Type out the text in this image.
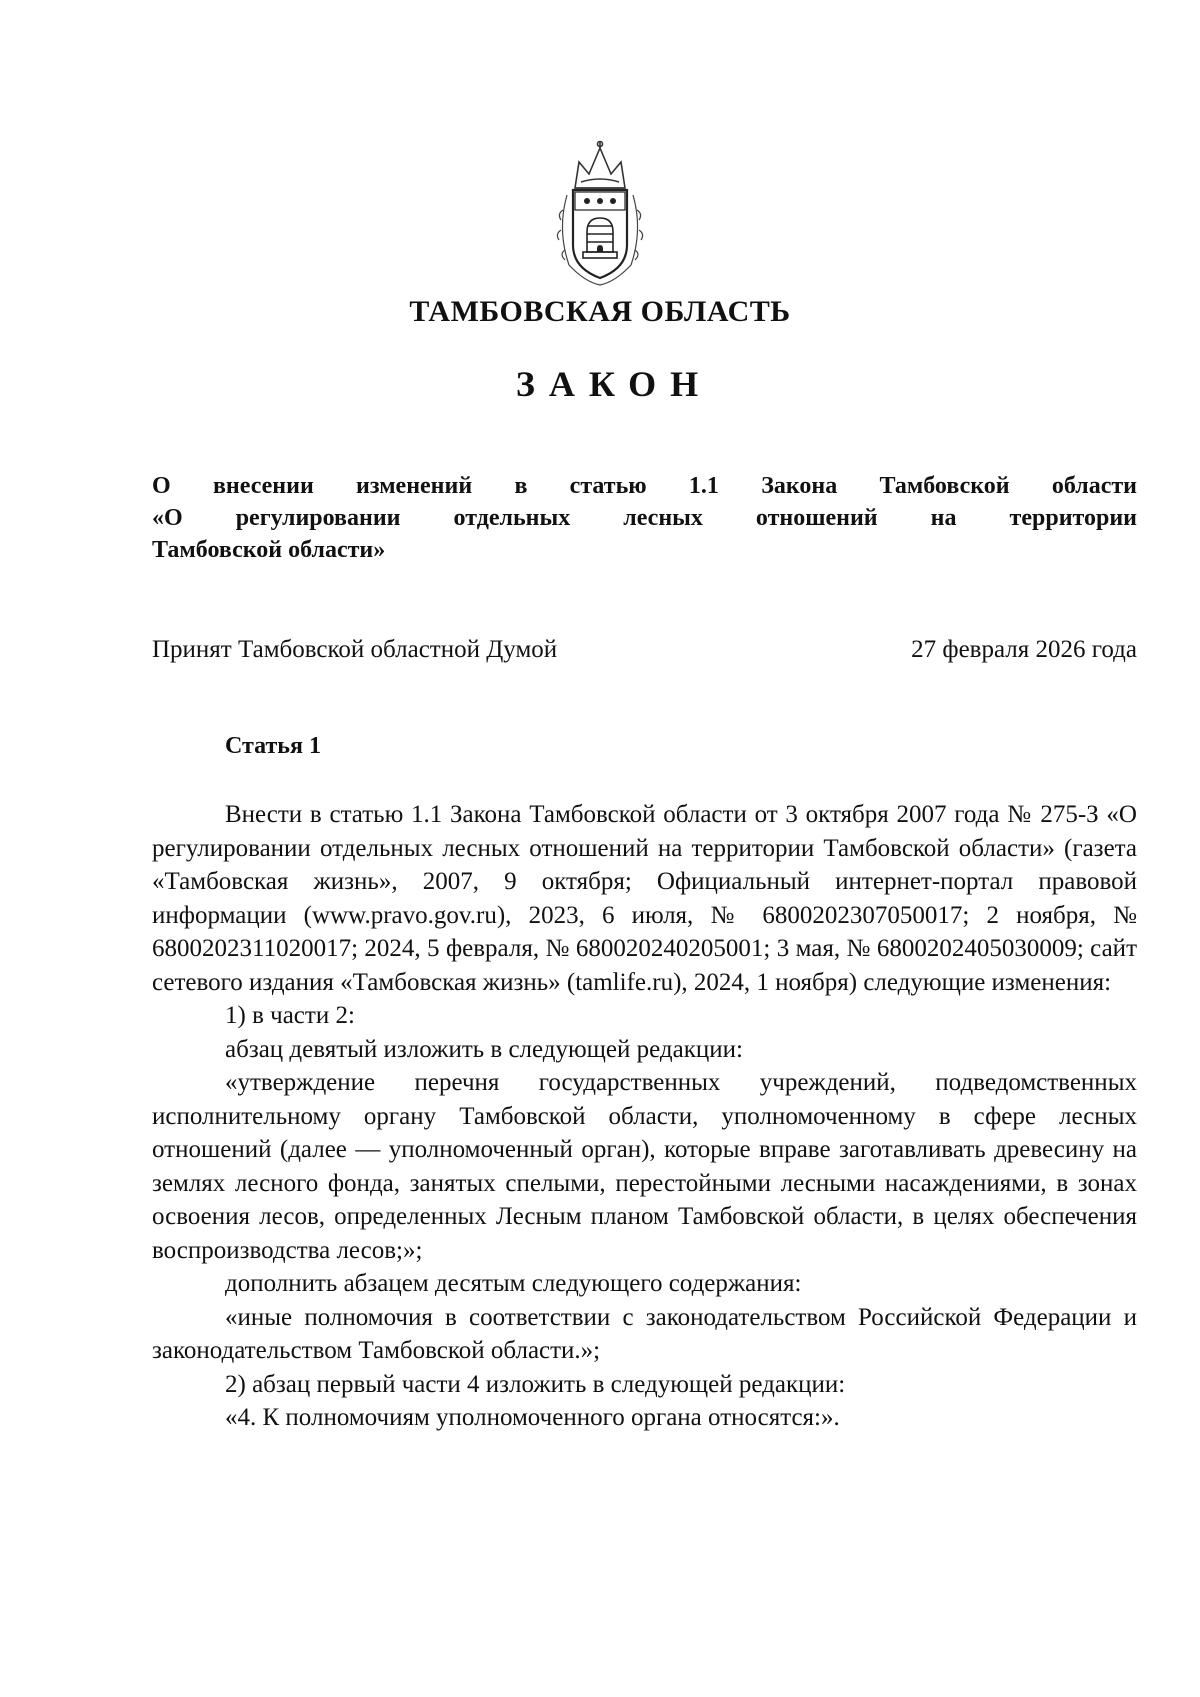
ТАМБОВСКАЯ ОБЛАСТЬ
ЗАКОН
О внесении изменений в статью 1.1 Закона Тамбовской области
«О регулировании отдельных лесных отношений на территории
Тамбовской области»
Принят Тамбовской областной Думой	27 февраля 2026 года
Статья 1

Внести в статью 1.1 Закона Тамбовской области от 3 октября 2007 года № 275-З «О регулировании отдельных лесных отношений на территории Тамбовской области» (газета «Тамбовская жизнь», 2007, 9 октября; Официальный интернет-портал правовой информации (www.pravo.gov.ru), 2023, 6 июля, № 6800202307050017; 2 ноября, № 6800202311020017; 2024, 5 февраля, № 680020240205001; 3 мая, № 6800202405030009; сайт сетевого издания «Тамбовская жизнь» (tamlife.ru), 2024, 1 ноября) следующие изменения:

1) в части 2:

абзац девятый изложить в следующей редакции:

«утверждение перечня государственных учреждений, подведомственных исполнительному органу Тамбовской области, уполномоченному в сфере лесных отношений (далее — уполномоченный орган), которые вправе заготавливать древесину на землях лесного фонда, занятых спелыми, перестойными лесными насаждениями, в зонах освоения лесов, определенных Лесным планом Тамбовской области, в целях обеспечения воспроизводства лесов;»;

дополнить абзацем десятым следующего содержания:

«иные полномочия в соответствии с законодательством Российской Федерации и законодательством Тамбовской области.»;

2) абзац первый части 4 изложить в следующей редакции:

«4. К полномочиям уполномоченного органа относятся:».
